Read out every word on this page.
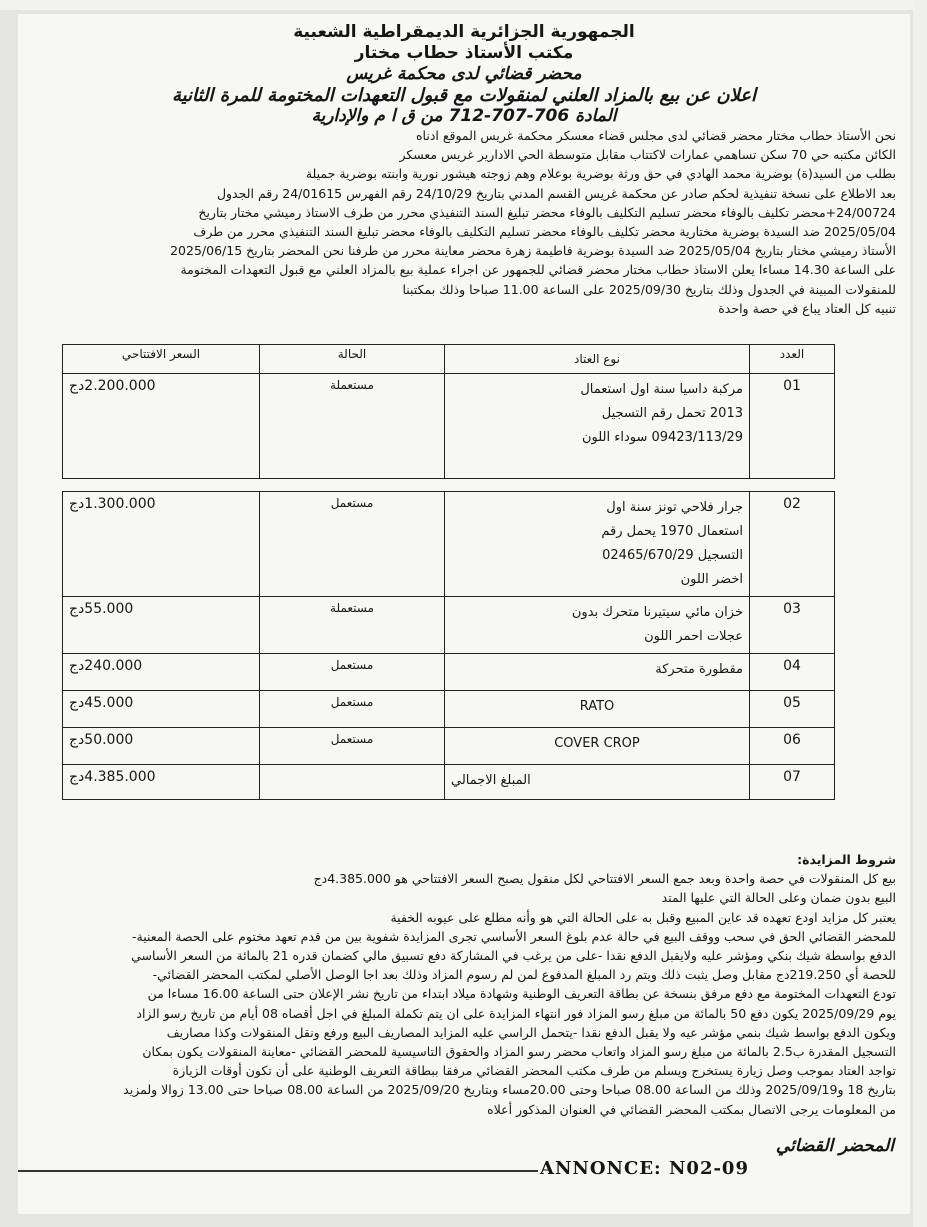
الجمهورية الجزائرية الديمقراطية الشعبية
مكتب الأستاذ حطاب مختار
محضر قضائي لدى محكمة غريس
اعلان عن بيع بالمزاد العلني لمنقولات مع قبول التعهدات المختومة للمرة الثانية
المادة 706-707-712 من ق ا م والإدارية

نحن الأستاذ حطاب مختار محضر قضائي لدى مجلس قضاء معسكر محكمة غريس الموقع ادناه

الكائن مكتبه حي 70 سكن تساهمي عمارات لاكتتاب مقابل متوسطة الحي الادارير غريس معسكر

بطلب من السيد(ة) بوضرية محمد الهادي في حق ورثة بوضرية بوعلام وهم زوجته هيشور نورية وابنته بوضرية جميلة

بعد الاطلاع على نسخة تنفيذية لحكم صادر عن محكمة غريس القسم المدني بتاريخ 24/10/29 رقم الفهرس 24/01615 رقم الجدول

24/00724+محضر تكليف بالوفاء محضر تسليم التكليف بالوفاء محضر تبليغ السند التنفيذي محرر من طرف الاستاذ رميشي مختار بتاريخ

2025/05/04 ضد السيدة بوضرية مختارية محضر تكليف بالوفاء محضر تسليم التكليف بالوفاء محضر تبليغ السند التنفيذي محرر من طرف

الأستاذ رميشي مختار بتاريخ 2025/05/04 ضد السيدة بوضرية فاطيمة زهرة محضر معاينة محرر من طرفنا نحن المحضر بتاريخ 2025/06/15

على الساعة 14.30 مساءا يعلن الاستاذ حطاب مختار محضر قضائي للجمهور عن اجراء عملية بيع بالمزاد العلني مع قبول التعهدات المختومة

للمنقولات المبينة في الجدول وذلك بتاريخ 2025/09/30 على الساعة 11.00 صباحا وذلك بمكتبنا

تنبيه كل العتاد يباع في حصة واحدة

العدد	نوع العتاد	الحالة	السعر الافتتاحي
01	مركبة داسيا سنة اول استعمال
2013 تحمل رقم التسجيل
09423/113/29 سوداء اللون	مستعملة	2.200.000دج
02	جرار فلاحي تونز سنة اول
استعمال 1970 يحمل رقم
التسجيل 02465/670/29
اخضر اللون	مستعمل	1.300.000دج
03	خزان مائي سيتيرنا متحرك بدون
عجلات احمر اللون	مستعملة	55.000دج
04	مقطورة متحركة	مستعمل	240.000دج
05	RATO	مستعمل	45.000دج
06	COVER CROP	مستعمل	50.000دج
07	المبلغ الاجمالي		4.385.000دج

شروط المزايدة:

بيع كل المنقولات في حصة واحدة وبعد جمع السعر الافتتاحي لكل منقول يصبح السعر الافتتاحي هو 4.385.000دج

البيع بدون ضمان وعلى الحالة التي عليها المتد

يعتبر كل مزايد اودع تعهده قد عاين المبيع وقبل به على الحالة التي هو وأنه مطلع على عيوبه الخفية

للمحضر القضائي الحق في سحب ووقف البيع في حالة عدم بلوغ السعر الأساسي تجرى المزايدة شفوية بين من قدم تعهد مختوم على الحصة المعنية-

الدفع بواسطة شيك بنكي ومؤشر عليه ولايقبل الدفع نقدا -على من يرغب في المشاركة دفع تسبيق مالي كضمان قدره 21 بالمائة من السعر الأساسي

للحصة أي 219.250دج مقابل وصل يثبت ذلك ويتم رد المبلغ المدفوع لمن لم رسوم المزاد وذلك بعد اجا الوصل الأصلي لمكتب المحضر القضائي-

تودع التعهدات المختومة مع دفع مرفق بنسخة عن بطاقة التعريف الوطنية وشهادة ميلاد ابتداء من تاريخ نشر الإعلان حتى الساعة 16.00 مساءا من

يوم 2025/09/29 يكون دفع 50 بالمائة من مبلغ رسو المزاد فور انتهاء المزايدة على ان يتم تكملة المبلغ في اجل أقصاه 08 أيام من تاريخ رسو الزاد

ويكون الدفع بواسط شيك بنمي مؤشر عيه ولا يقبل الدفع نقدا -يتحمل الراسي عليه المزايد المصاريف البيع ورفع ونقل المنقولات وكذا مصاريف

التسجيل المقدرة ب2.5 بالمائة من مبلغ رسو المزاد واتعاب محضر رسو المزاد والحقوق التاسيسية للمحضر القضائي -معاينة المنقولات يكون بمكان

تواجد العتاد بموجب وصل زيارة يستخرج ويسلم من طرف مكتب المحضر القضائي مرفقا ببطاقة التعريف الوطنية على أن تكون أوقات الزيارة

بتاريخ 18 و2025/09/19 وذلك من الساعة 08.00 صباحا وحتى 20.00مساء وبتاريخ 2025/09/20 من الساعة 08.00 صباحا حتى 13.00 زوالا ولمزيد

من المعلومات يرجى الاتصال بمكتب المحضر القضائي في العنوان المذكور أعلاه

المحضر القضائي
ANNONCE: N02-09
